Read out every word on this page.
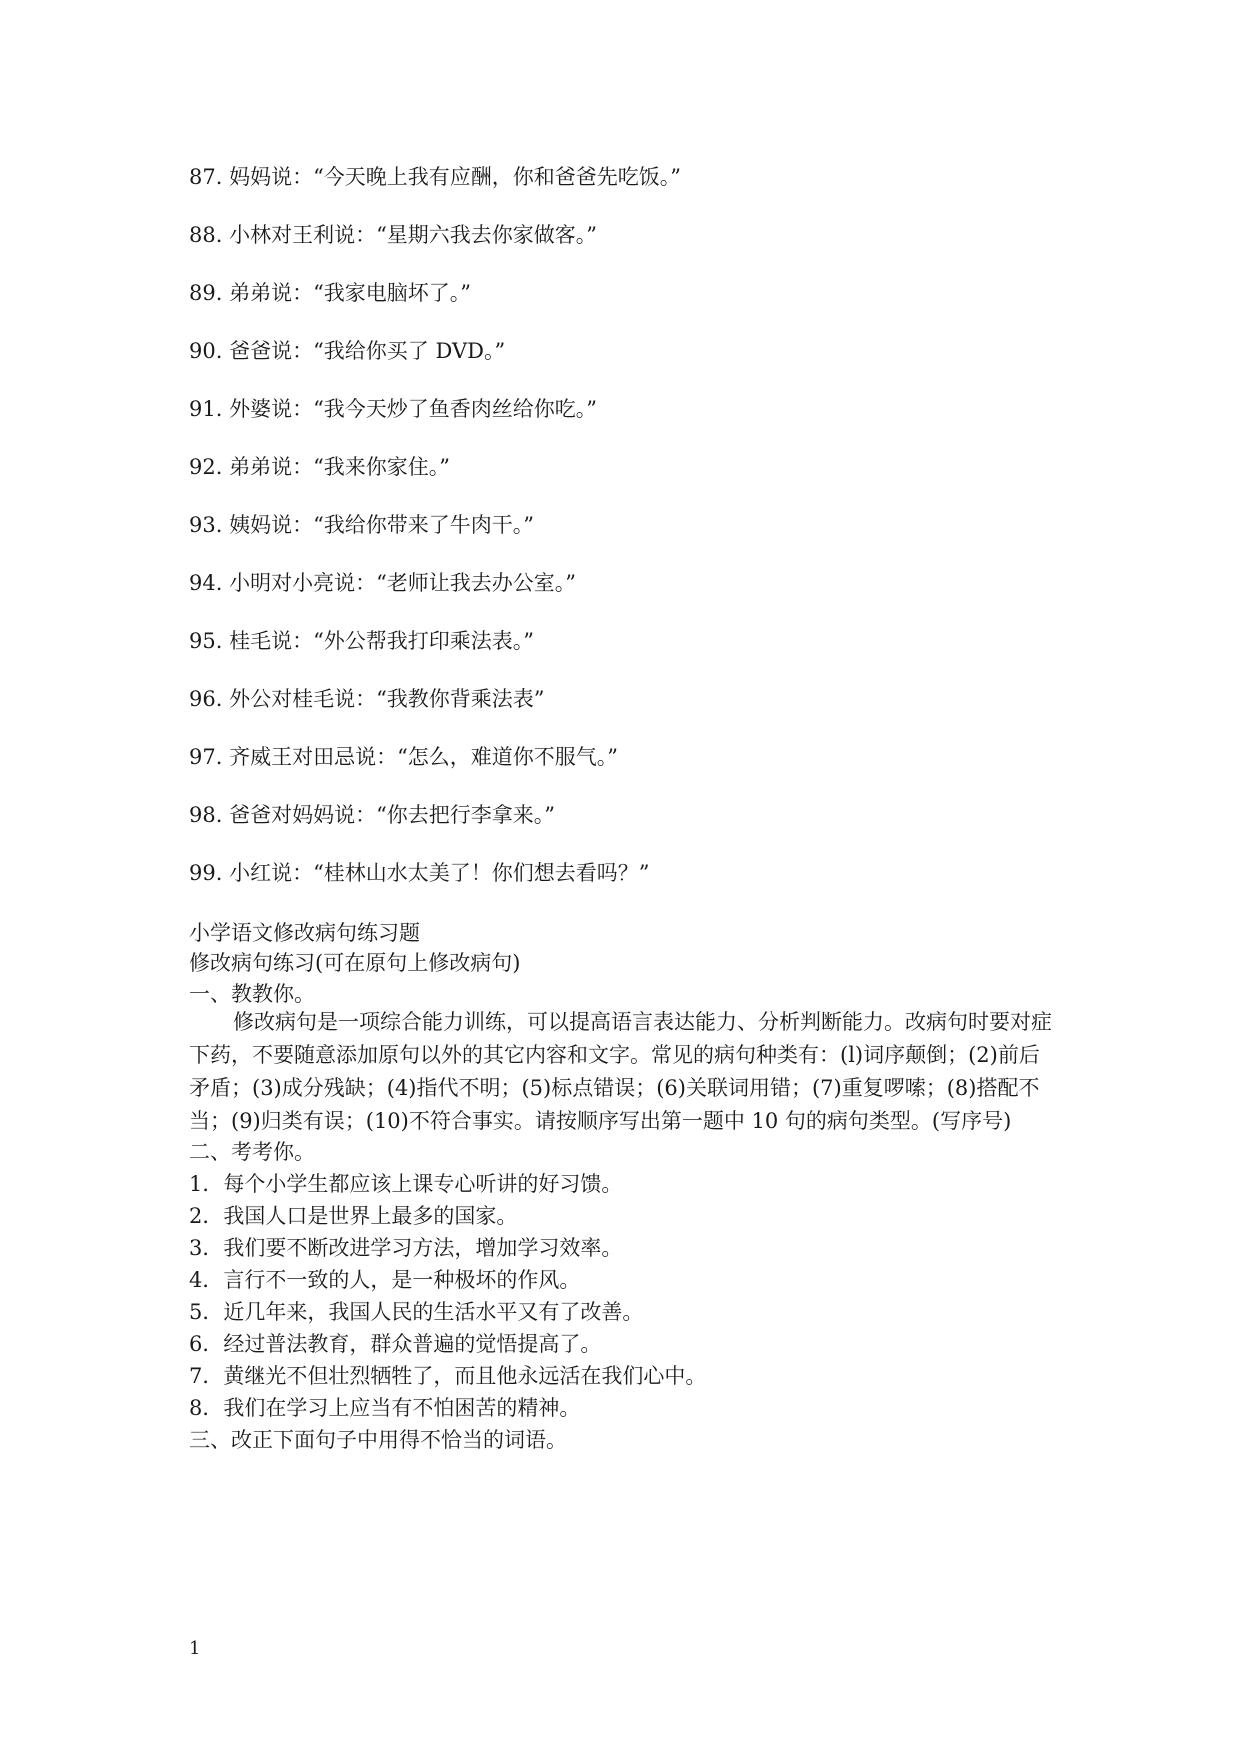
87. 妈妈说：“今天晚上我有应酬，你和爸爸先吃饭。”
88. 小林对王利说：“星期六我去你家做客。”
89. 弟弟说：“我家电脑坏了。”
90. 爸爸说：“我给你买了 DVD。”
91. 外婆说：“我今天炒了鱼香肉丝给你吃。”
92. 弟弟说：“我来你家住。”
93. 姨妈说：“我给你带来了牛肉干。”
94. 小明对小亮说：“老师让我去办公室。”
95. 桂毛说：“外公帮我打印乘法表。”
96. 外公对桂毛说：“我教你背乘法表”
97. 齐威王对田忌说：“怎么，难道你不服气。”
98. 爸爸对妈妈说：“你去把行李拿来。”
99. 小红说：“桂林山水太美了！你们想去看吗？”
小学语文修改病句练习题
修改病句练习(可在原句上修改病句)
一、教教你。
修改病句是一项综合能力训练，可以提高语言表达能力、分析判断能力。改病句时要对症下药，不要随意添加原句以外的其它内容和文字。常见的病句种类有：(l)词序颠倒；(2)前后矛盾；(3)成分残缺；(4)指代不明；(5)标点错误；(6)关联词用错；(7)重复啰嗦；(8)搭配不当；(9)归类有误；(10)不符合事实。请按顺序写出第一题中 10 句的病句类型。(写序号)
二、考考你。
1．每个小学生都应该上课专心听讲的好习馈。
2．我国人口是世界上最多的国家。
3．我们要不断改进学习方法，增加学习效率。
4．言行不一致的人，是一种极坏的作风。
5．近几年来，我国人民的生活水平又有了改善。
6．经过普法教育，群众普遍的觉悟提高了。
7．黄继光不但壮烈牺牲了，而且他永远活在我们心中。
8．我们在学习上应当有不怕困苦的精神。
三、改正下面句子中用得不恰当的词语。
1
